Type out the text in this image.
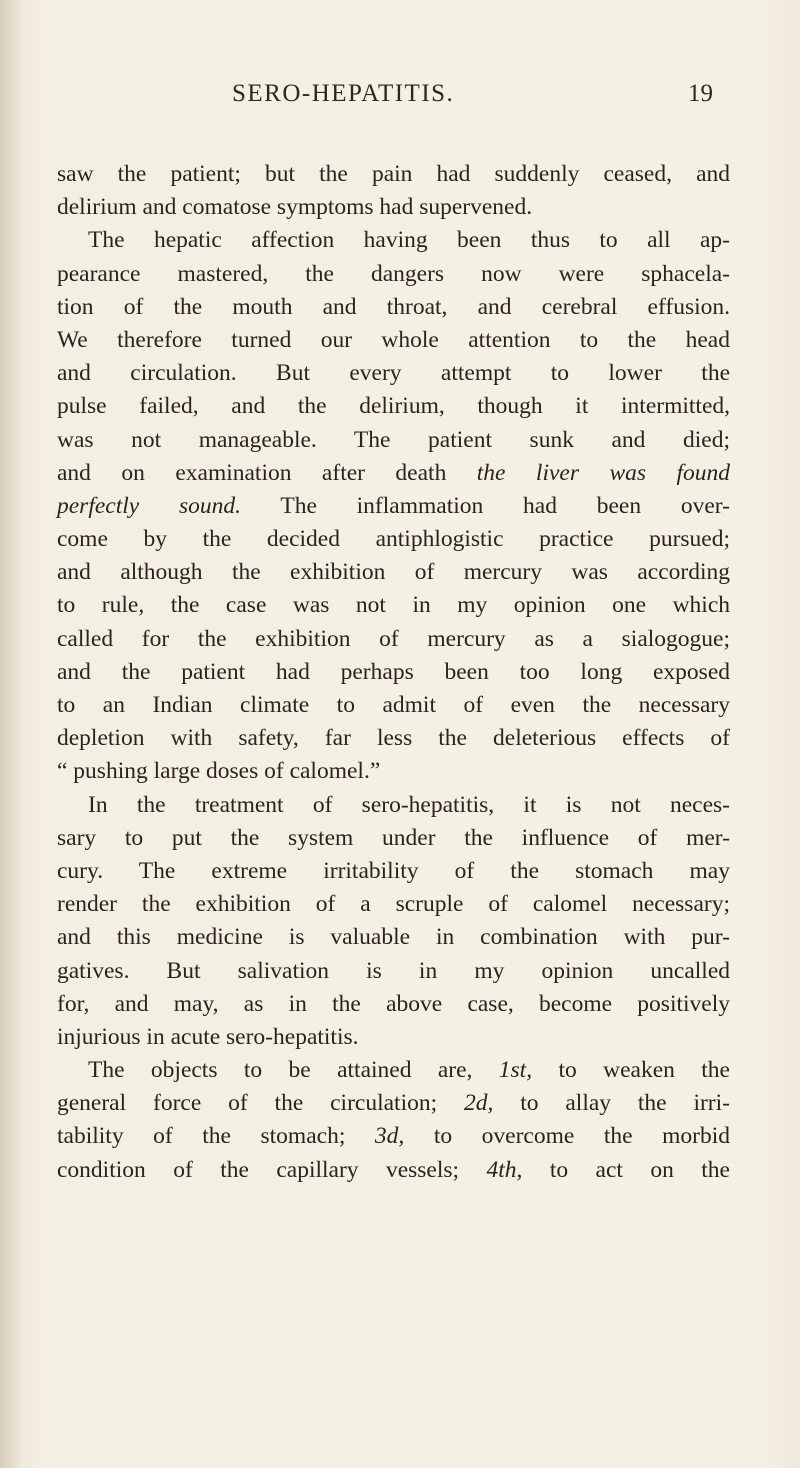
SERO-HEPATITIS.	19
saw the patient; but the pain had suddenly ceased, and
delirium and comatose symptoms had supervened.
The hepatic affection having been thus to all ap-
pearance mastered, the dangers now were sphacela-
tion of the mouth and throat, and cerebral effusion.
We therefore turned our whole attention to the head
and circulation. But every attempt to lower the
pulse failed, and the delirium, though it intermitted,
was not manageable. The patient sunk and died;
and on examination after death the liver was found
perfectly sound. The inflammation had been over-
come by the decided antiphlogistic practice pursued;
and although the exhibition of mercury was according
to rule, the case was not in my opinion one which
called for the exhibition of mercury as a sialogogue;
and the patient had perhaps been too long exposed
to an Indian climate to admit of even the necessary
depletion with safety, far less the deleterious effects of
“ pushing large doses of calomel.”
In the treatment of sero-hepatitis, it is not neces-
sary to put the system under the influence of mer-
cury. The extreme irritability of the stomach may
render the exhibition of a scruple of calomel necessary;
and this medicine is valuable in combination with pur-
gatives. But salivation is in my opinion uncalled
for, and may, as in the above case, become positively
injurious in acute sero-hepatitis.
The objects to be attained are, 1st, to weaken the
general force of the circulation; 2d, to allay the irri-
tability of the stomach; 3d, to overcome the morbid
condition of the capillary vessels; 4th, to act on the
